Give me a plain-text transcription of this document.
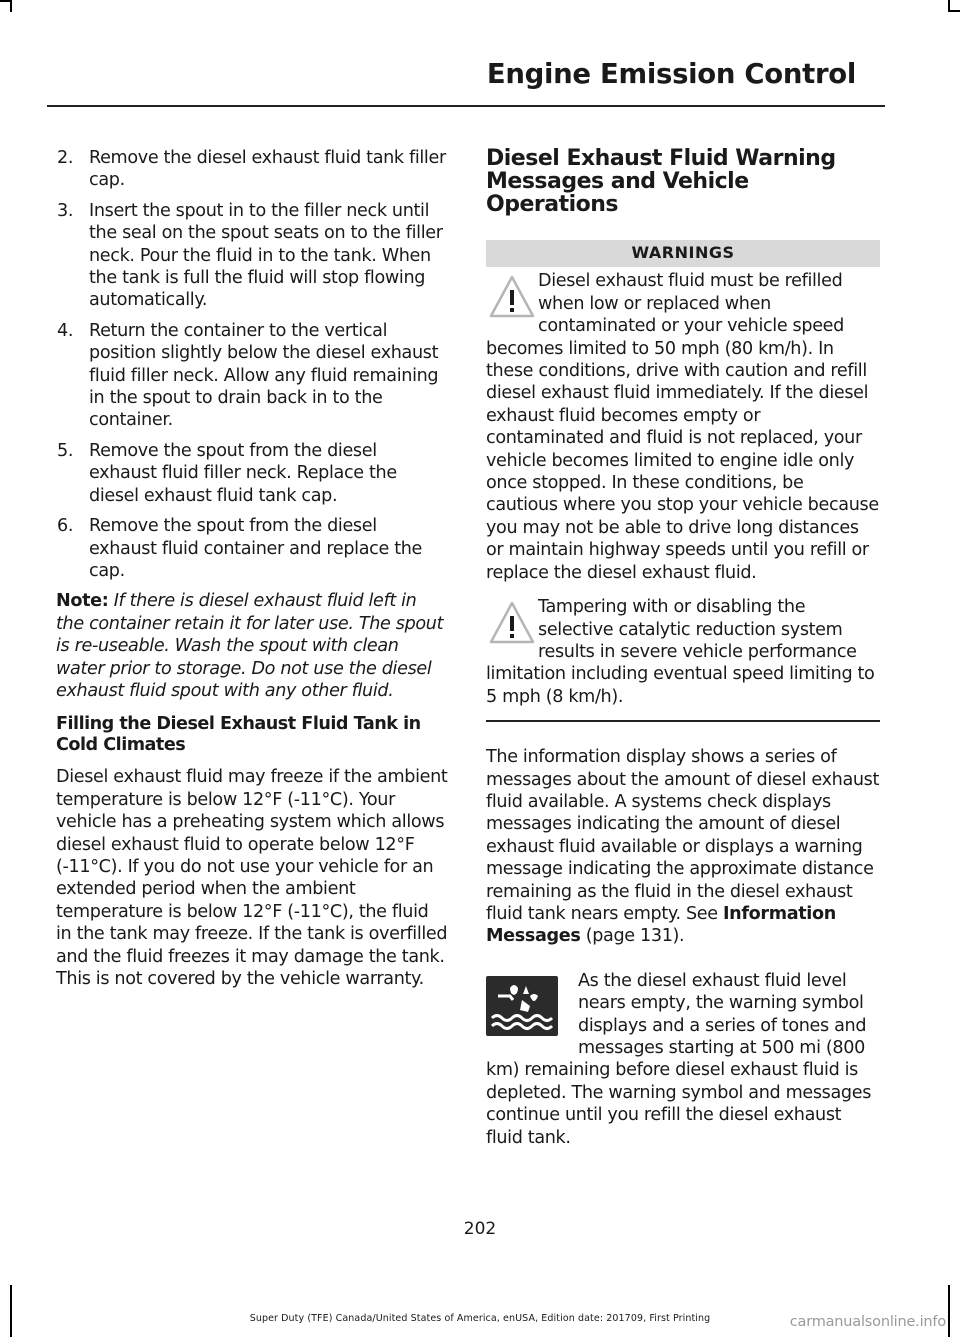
Engine Emission Control
2. Remove the diesel exhaust fluid tank filler cap.
3. Insert the spout in to the filler neck until the seal on the spout seats on to the filler neck. Pour the fluid in to the tank. When the tank is full the fluid will stop flowing automatically.
4. Return the container to the vertical position slightly below the diesel exhaust fluid filler neck. Allow any fluid remaining in the spout to drain back in to the container.
5. Remove the spout from the diesel exhaust fluid filler neck. Replace the diesel exhaust fluid tank cap.
6. Remove the spout from the diesel exhaust fluid container and replace the cap.

Note: If there is diesel exhaust fluid left in the container retain it for later use. The spout is re-useable. Wash the spout with clean water prior to storage. Do not use the diesel exhaust fluid spout with any other fluid.

Filling the Diesel Exhaust Fluid Tank in Cold Climates

Diesel exhaust fluid may freeze if the ambient temperature is below 12°F (-11°C). Your vehicle has a preheating system which allows diesel exhaust fluid to operate below 12°F (-11°C). If you do not use your vehicle for an extended period when the ambient temperature is below 12°F (-11°C), the fluid in the tank may freeze. If the tank is overfilled and the fluid freezes it may damage the tank. This is not covered by the vehicle warranty.

Diesel Exhaust Fluid Warning Messages and Vehicle Operations
WARNINGS

Diesel exhaust fluid must be refilled when low or replaced when contaminated or your vehicle speed becomes limited to 50 mph (80 km/h). In these conditions, drive with caution and refill diesel exhaust fluid immediately. If the diesel exhaust fluid becomes empty or contaminated and fluid is not replaced, your vehicle becomes limited to engine idle only once stopped. In these conditions, be cautious where you stop your vehicle because you may not be able to drive long distances or maintain highway speeds until you refill or replace the diesel exhaust fluid.

Tampering with or disabling the selective catalytic reduction system results in severe vehicle performance limitation including eventual speed limiting to 5 mph (8 km/h).

The information display shows a series of messages about the amount of diesel exhaust fluid available. A systems check displays messages indicating the amount of diesel exhaust fluid available or displays a warning message indicating the approximate distance remaining as the fluid in the diesel exhaust fluid tank nears empty. See Information Messages (page 131).

As the diesel exhaust fluid level nears empty, the warning symbol displays and a series of tones and messages starting at 500 mi (800 km) remaining before diesel exhaust fluid is depleted. The warning symbol and messages continue until you refill the diesel exhaust fluid tank.

202
Super Duty (TFE) Canada/United States of America, enUSA, Edition date: 201709, First Printing	carmanualsonline.info
